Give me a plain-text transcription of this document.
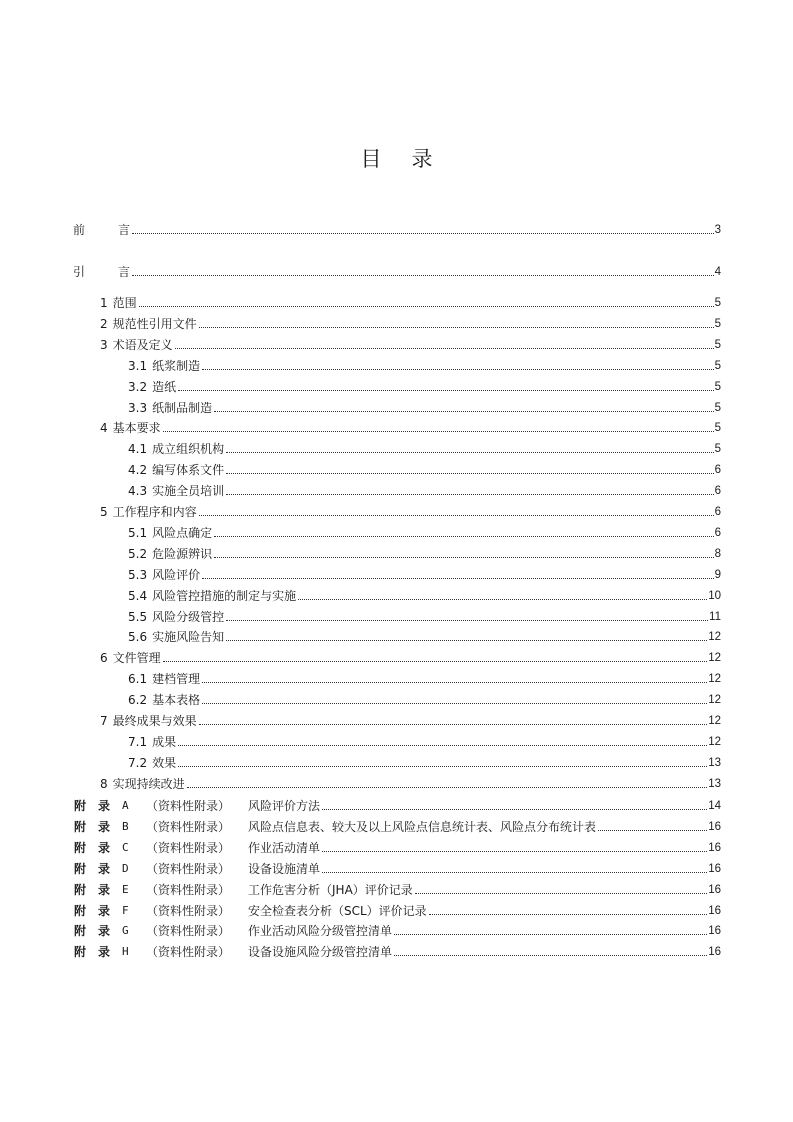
目 录
前	言	3
引	言	4
1 范围	5
2 规范性引用文件	5
3 术语及定义	5
3.1 纸浆制造	5
3.2 造纸	5
3.3 纸制品制造	5
4 基本要求	5
4.1 成立组织机构	5
4.2 编写体系文件	6
4.3 实施全员培训	6
5 工作程序和内容	6
5.1 风险点确定	6
5.2 危险源辨识	8
5.3 风险评价	9
5.4 风险管控措施的制定与实施	10
5.5 风险分级管控	11
5.6 实施风险告知	12
6 文件管理	12
6.1 建档管理	12
6.2 基本表格	12
7 最终成果与效果	12
7.1 成果	12
7.2 效果	13
8 实现持续改进	13
附 录	A	（资料性附录）	风险评价方法	14
附 录	B	（资料性附录）	风险点信息表、较大及以上风险点信息统计表、风险点分布统计表	16
附 录	C	（资料性附录）	作业活动清单	16
附 录	D	（资料性附录）	设备设施清单	16
附 录	E	（资料性附录）	工作危害分析（JHA）评价记录	16
附 录	F	（资料性附录）	安全检查表分析（SCL）评价记录	16
附 录	G	（资料性附录）	作业活动风险分级管控清单	16
附 录	H	（资料性附录）	设备设施风险分级管控清单	16
